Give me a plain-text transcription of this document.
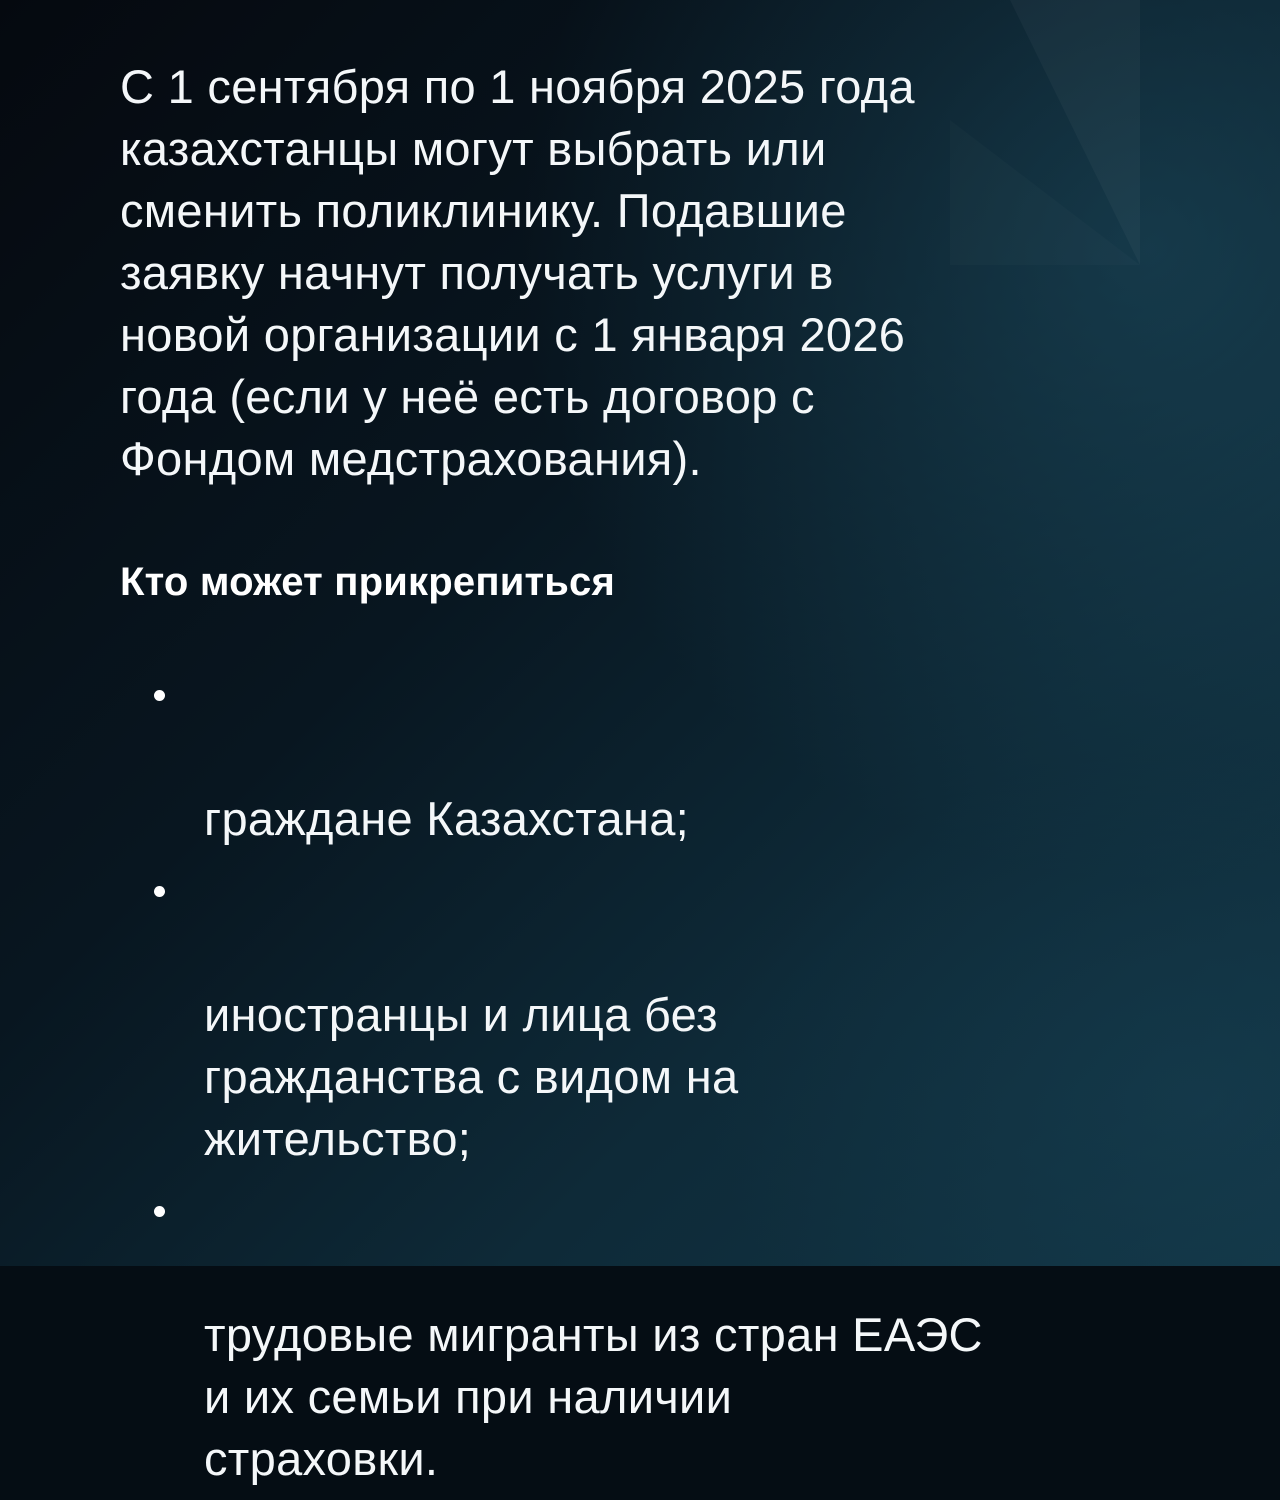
С 1 сентября по 1 ноября 2025 года
казахстанцы могут выбрать или
сменить поликлинику. Подавшие
заявку начнут получать услуги в
новой организации с 1 января 2026
года (если у неё есть договор с
Фондом медстрахования).

Кто может прикрепиться

граждане Казахстана;

иностранцы и лица без
гражданства с видом на
жительство;

трудовые мигранты из стран ЕАЭС
и их семьи при наличии
страховки.
